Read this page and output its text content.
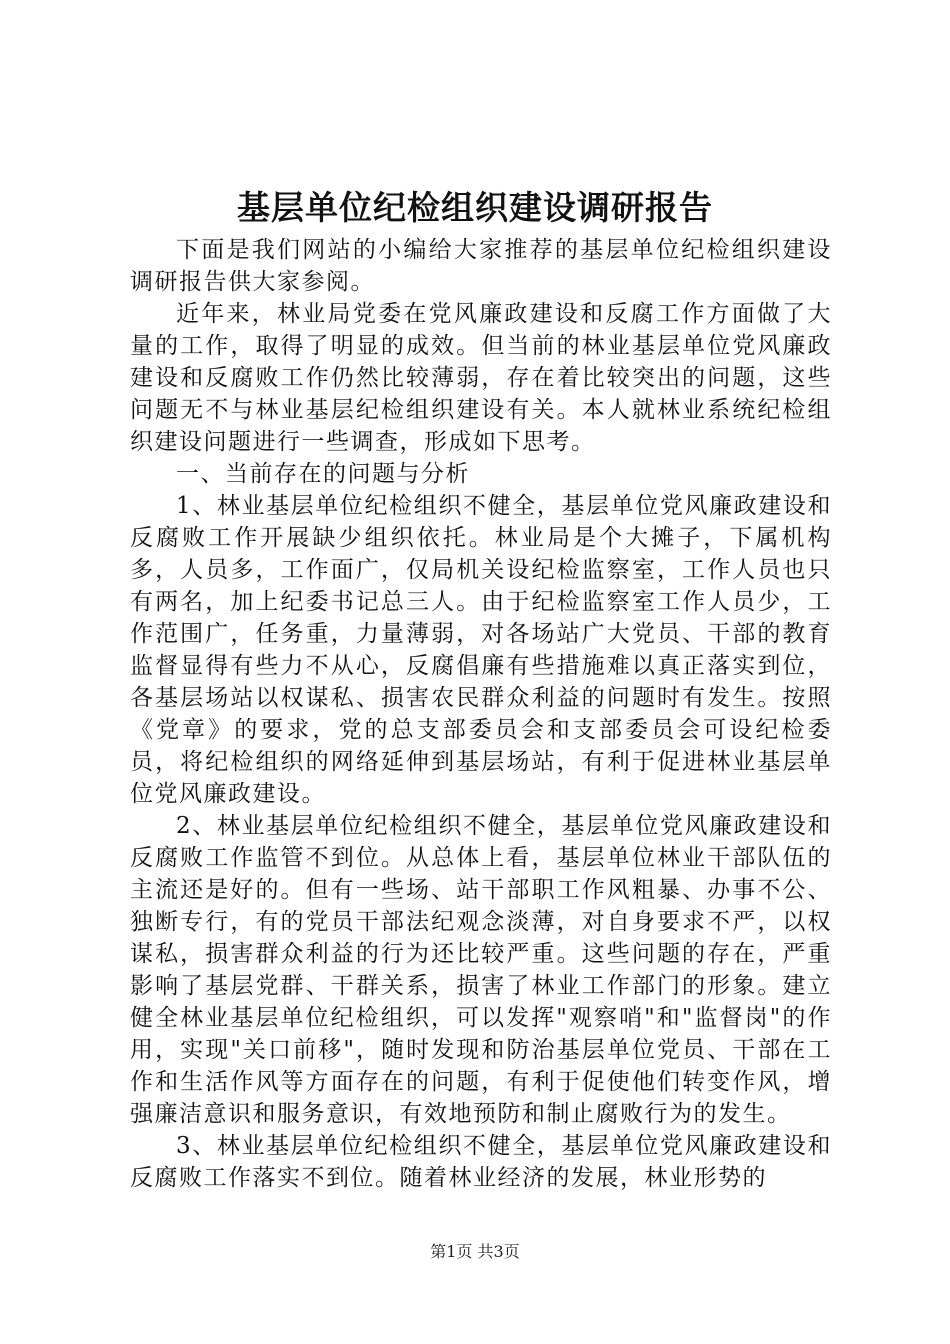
基层单位纪检组织建设调研报告

下面是我们网站的小编给大家推荐的基层单位纪检组织建设调研报告供大家参阅。

近年来，林业局党委在党风廉政建设和反腐工作方面做了大量的工作，取得了明显的成效。但当前的林业基层单位党风廉政建设和反腐败工作仍然比较薄弱，存在着比较突出的问题，这些问题无不与林业基层纪检组织建设有关。本人就林业系统纪检组织建设问题进行一些调查，形成如下思考。

一、当前存在的问题与分析

1、林业基层单位纪检组织不健全，基层单位党风廉政建设和反腐败工作开展缺少组织依托。林业局是个大摊子，下属机构多，人员多，工作面广，仅局机关设纪检监察室，工作人员也只有两名，加上纪委书记总三人。由于纪检监察室工作人员少，工作范围广，任务重，力量薄弱，对各场站广大党员、干部的教育监督显得有些力不从心，反腐倡廉有些措施难以真正落实到位，各基层场站以权谋私、损害农民群众利益的问题时有发生。按照《党章》的要求，党的总支部委员会和支部委员会可设纪检委员，将纪检组织的网络延伸到基层场站，有利于促进林业基层单位党风廉政建设。

2、林业基层单位纪检组织不健全，基层单位党风廉政建设和反腐败工作监管不到位。从总体上看，基层单位林业干部队伍的主流还是好的。但有一些场、站干部职工作风粗暴、办事不公、独断专行，有的党员干部法纪观念淡薄，对自身要求不严，以权谋私，损害群众利益的行为还比较严重。这些问题的存在，严重影响了基层党群、干群关系，损害了林业工作部门的形象。建立健全林业基层单位纪检组织，可以发挥"观察哨"和"监督岗"的作用，实现"关口前移"，随时发现和防治基层单位党员、干部在工作和生活作风等方面存在的问题，有利于促使他们转变作风，增强廉洁意识和服务意识，有效地预防和制止腐败行为的发生。

3、林业基层单位纪检组织不健全，基层单位党风廉政建设和反腐败工作落实不到位。随着林业经济的发展，林业形势的

第1页 共3页
